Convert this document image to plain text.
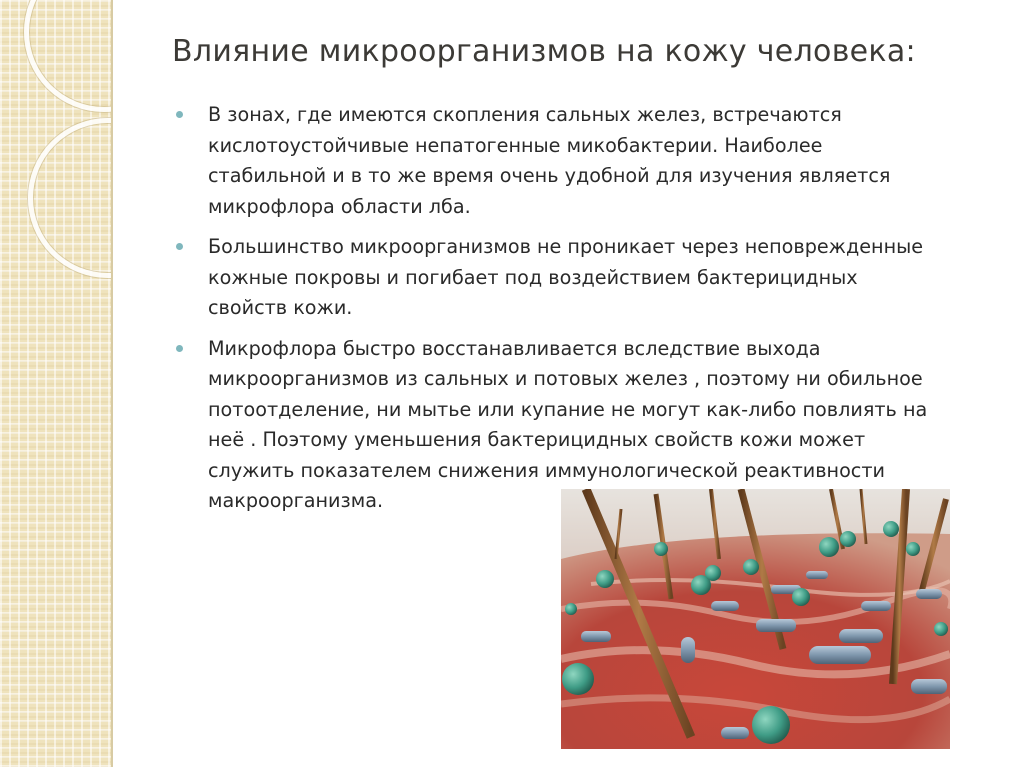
Влияние микроорганизмов на кожу человека:
В зонах, где имеются скопления сальных желез, встречаются
кислотоустойчивые непатогенные микобактерии. Наиболее
стабильной и в то же время очень удобной для изучения является
микрофлора области лба.
Большинство микроорганизмов не проникает через неповрежденные
кожные покровы и погибает под воздействием бактерицидных
свойств кожи.
Микрофлора быстро восстанавливается вследствие выхода
микроорганизмов из сальных и потовых желез , поэтому ни обильное
потоотделение, ни мытье или купание не могут как-либо повлиять на
неё . Поэтому уменьшения бактерицидных свойств кожи может
служить показателем снижения иммунологической реактивности
макроорганизма.
